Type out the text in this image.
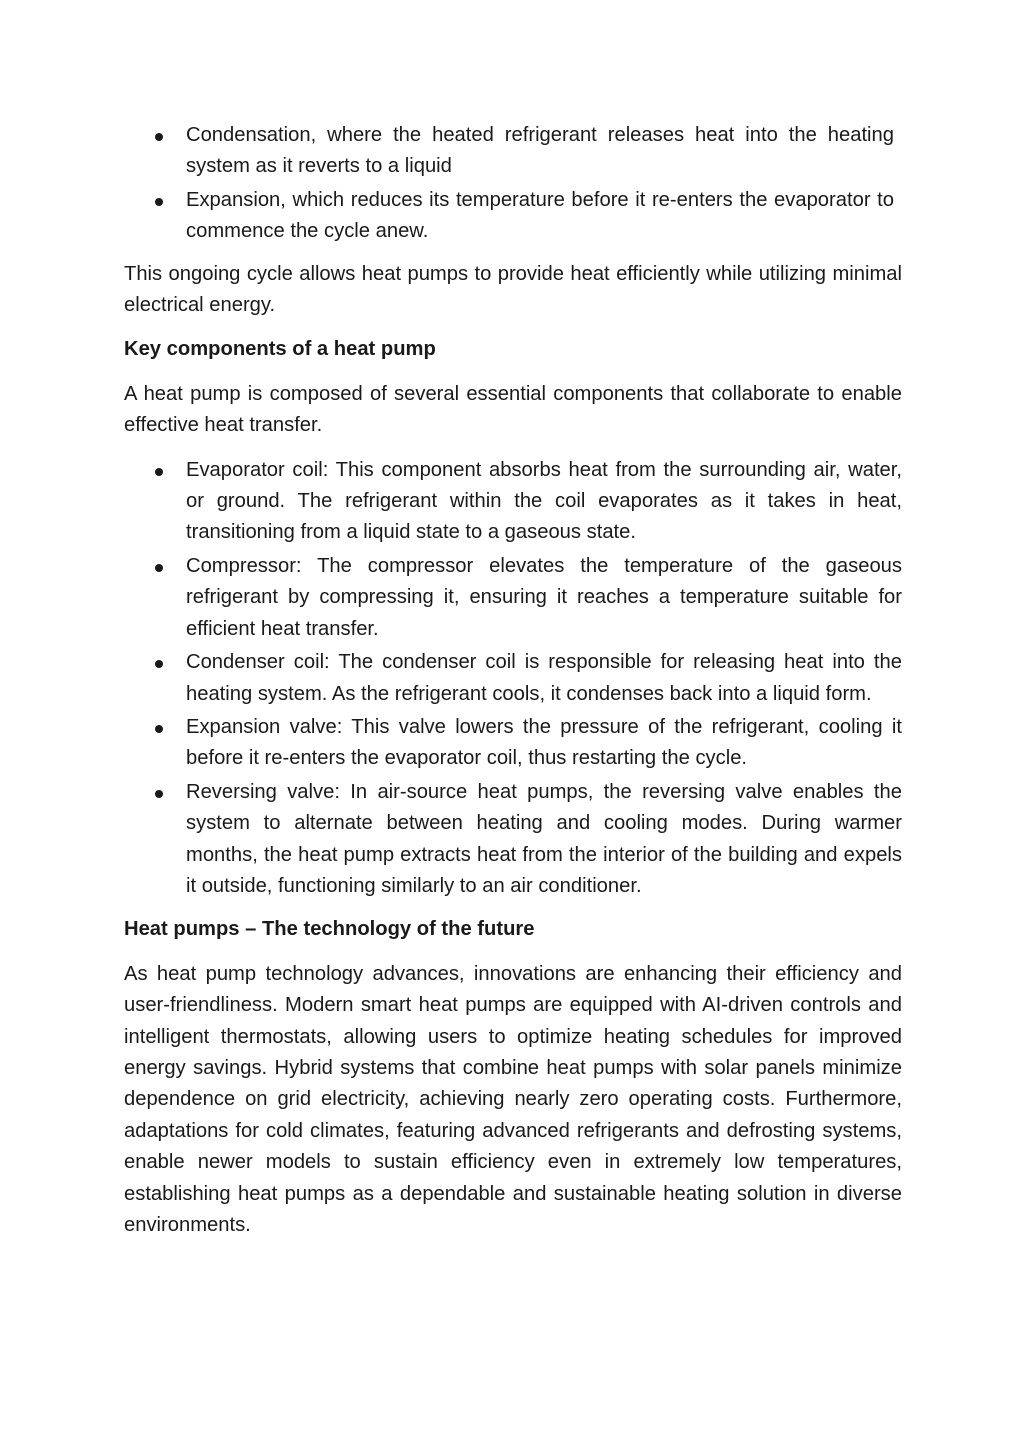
Condensation, where the heated refrigerant releases heat into the heating system as it reverts to a liquid
Expansion, which reduces its temperature before it re-enters the evaporator to commence the cycle anew.

This ongoing cycle allows heat pumps to provide heat efficiently while utilizing minimal electrical energy.

Key components of a heat pump

A heat pump is composed of several essential components that collaborate to enable effective heat transfer.

Evaporator coil: This component absorbs heat from the surrounding air, water, or ground. The refrigerant within the coil evaporates as it takes in heat, transitioning from a liquid state to a gaseous state.
Compressor: The compressor elevates the temperature of the gaseous refrigerant by compressing it, ensuring it reaches a temperature suitable for efficient heat transfer.
Condenser coil: The condenser coil is responsible for releasing heat into the heating system. As the refrigerant cools, it condenses back into a liquid form.
Expansion valve: This valve lowers the pressure of the refrigerant, cooling it before it re-enters the evaporator coil, thus restarting the cycle.
Reversing valve: In air-source heat pumps, the reversing valve enables the system to alternate between heating and cooling modes. During warmer months, the heat pump extracts heat from the interior of the building and expels it outside, functioning similarly to an air conditioner.
Heat pumps – The technology of the future

As heat pump technology advances, innovations are enhancing their efficiency and user-friendliness. Modern smart heat pumps are equipped with AI-driven controls and intelligent thermostats, allowing users to optimize heating schedules for improved energy savings. Hybrid systems that combine heat pumps with solar panels minimize dependence on grid electricity, achieving nearly zero operating costs. Furthermore, adaptations for cold climates, featuring advanced refrigerants and defrosting systems, enable newer models to sustain efficiency even in extremely low temperatures, establishing heat pumps as a dependable and sustainable heating solution in diverse environments.
